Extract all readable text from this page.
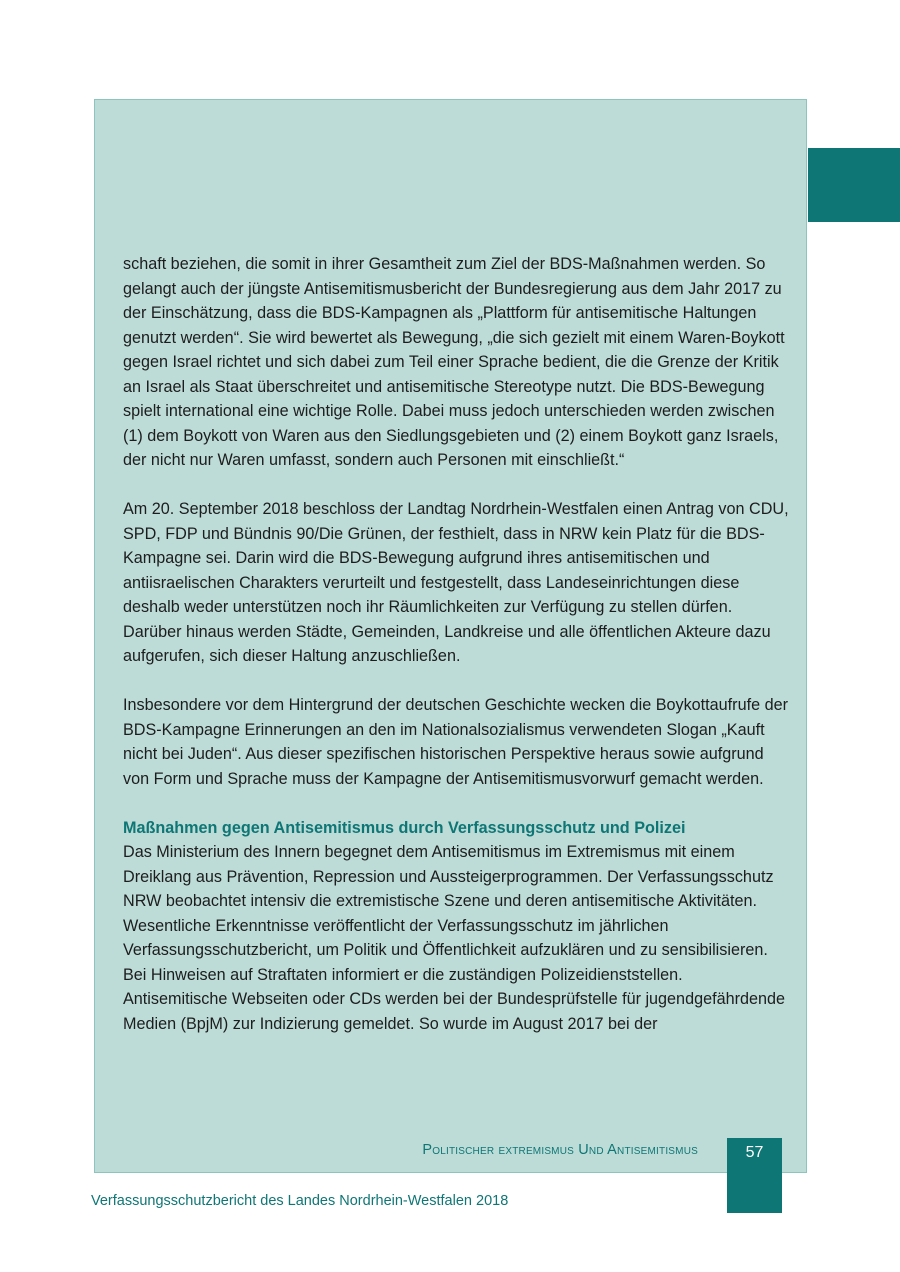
schaft beziehen, die somit in ihrer Gesamtheit zum Ziel der BDS-Maßnahmen werden. So gelangt auch der jüngste Antisemitismusbericht der Bundesregierung aus dem Jahr 2017 zu der Einschätzung, dass die BDS-Kampagnen als „Plattform für antisemitische Haltungen genutzt werden“. Sie wird bewertet als Bewegung, „die sich gezielt mit einem Waren-Boykott gegen Israel richtet und sich dabei zum Teil einer Sprache bedient, die die Grenze der Kritik an Israel als Staat überschreitet und antisemitische Stereotype nutzt. Die BDS-Bewegung spielt international eine wichtige Rolle. Dabei muss jedoch unterschieden werden zwischen (1) dem Boykott von Waren aus den Siedlungsgebieten und (2) einem Boykott ganz Israels, der nicht nur Waren umfasst, sondern auch Personen mit einschließt.“

Am 20. September 2018 beschloss der Landtag Nordrhein-Westfalen einen Antrag von CDU, SPD, FDP und Bündnis 90/Die Grünen, der festhielt, dass in NRW kein Platz für die BDS-Kampagne sei. Darin wird die BDS-Bewegung aufgrund ihres antisemitischen und antiisraelischen Charakters verurteilt und festgestellt, dass Landeseinrichtungen diese deshalb weder unterstützen noch ihr Räumlichkeiten zur Verfügung zu stellen dürfen. Darüber hinaus werden Städte, Gemeinden, Landkreise und alle öffentlichen Akteure dazu aufgerufen, sich dieser Haltung anzuschließen.

Insbesondere vor dem Hintergrund der deutschen Geschichte wecken die Boykottaufrufe der BDS-Kampagne Erinnerungen an den im Nationalsozialismus verwendeten Slogan „Kauft nicht bei Juden“. Aus dieser spezifischen historischen Perspektive heraus sowie aufgrund von Form und Sprache muss der Kampagne der Antisemitismusvorwurf gemacht werden.

Maßnahmen gegen Antisemitismus durch Verfassungsschutz und Polizei

Das Ministerium des Innern begegnet dem Antisemitismus im Extremismus mit einem Dreiklang aus Prävention, Repression und Aussteigerprogrammen. Der Verfassungsschutz NRW beobachtet intensiv die extremistische Szene und deren antisemitische Aktivitäten. Wesentliche Erkenntnisse veröffentlicht der Verfassungsschutz im jährlichen Verfassungsschutzbericht, um Politik und Öffentlichkeit aufzuklären und zu sensibilisieren. Bei Hinweisen auf Straftaten informiert er die zuständigen Polizeidienststellen. Antisemitische Webseiten oder CDs werden bei der Bundesprüfstelle für jugendgefährdende Medien (BpjM) zur Indizierung gemeldet. So wurde im August 2017 bei der

Politischer extremismus Und Antisemitismus	57
Verfassungsschutzbericht des Landes Nordrhein-Westfalen 2018
